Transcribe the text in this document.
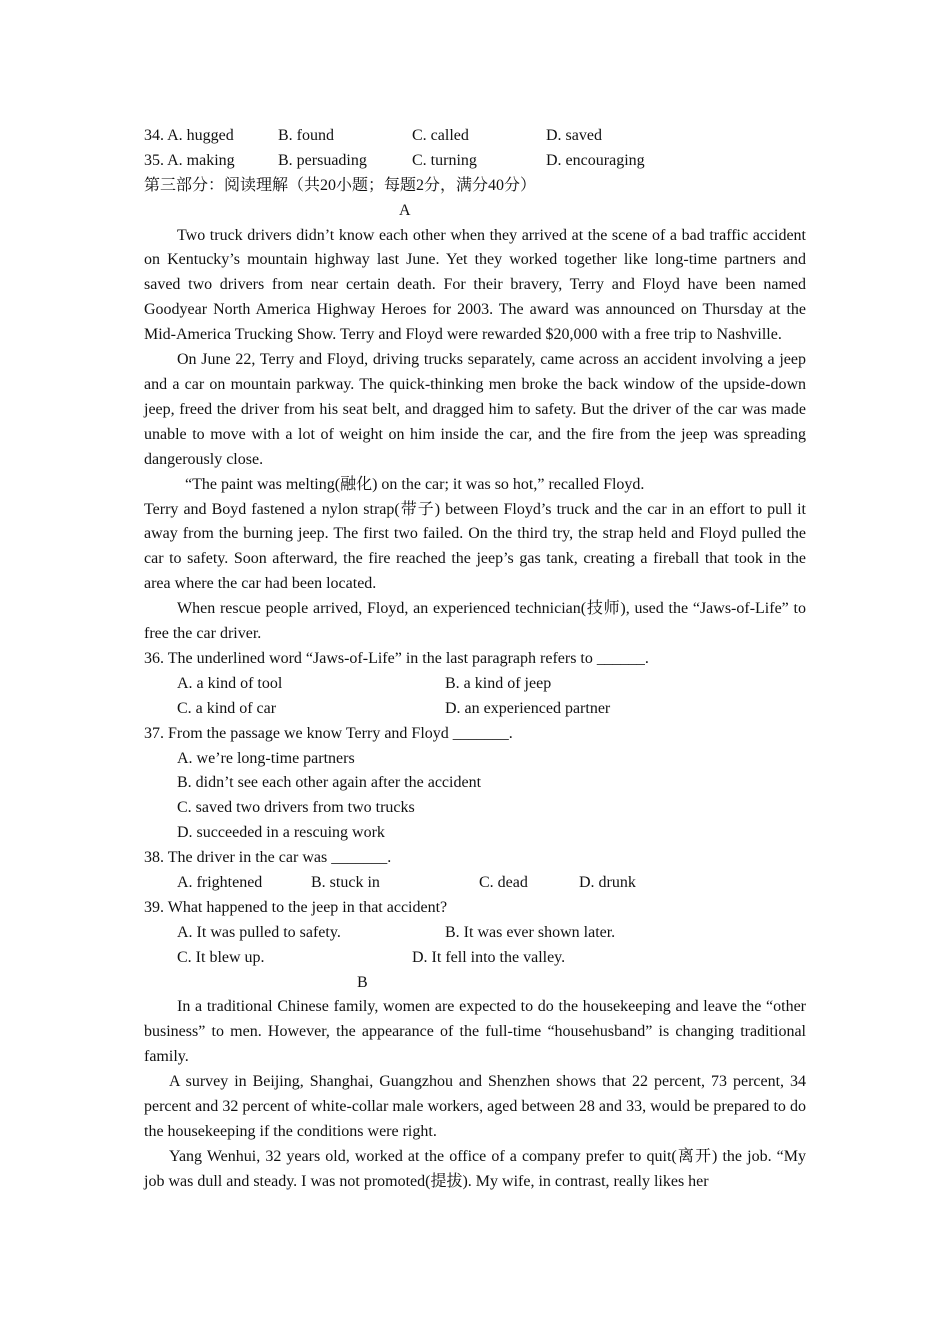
34. A. hugged	B. found	C. called	D. saved
35. A. making	B. persuading	C. turning	D. encouraging
第三部分：阅读理解（共20小题；每题2分，满分40分）
A

Two truck drivers didn’t know each other when they arrived at the scene of a bad traffic accident on Kentucky’s mountain highway last June. Yet they worked together like long-time partners and saved two drivers from near certain death. For their bravery, Terry and Floyd have been named Goodyear North America Highway Heroes for 2003. The award was announced on Thursday at the Mid-America Trucking Show. Terry and Floyd were rewarded $20,000 with a free trip to Nashville.

On June 22, Terry and Floyd, driving trucks separately, came across an accident involving a jeep and a car on mountain parkway. The quick-thinking men broke the back window of the upside-down jeep, freed the driver from his seat belt, and dragged him to safety. But the driver of the car was made unable to move with a lot of weight on him inside the car, and the fire from the jeep was spreading dangerously close.

“The paint was melting(融化) on the car; it was so hot,” recalled Floyd.

Terry and Boyd fastened a nylon strap(带子) between Floyd’s truck and the car in an effort to pull it away from the burning jeep. The first two failed. On the third try, the strap held and Floyd pulled the car to safety. Soon afterward, the fire reached the jeep’s gas tank, creating a fireball that took in the area where the car had been located.

When rescue people arrived, Floyd, an experienced technician(技师), used the “Jaws-of-Life” to free the car driver.

36. The underlined word “Jaws-of-Life” in the last paragraph refers to ______.
A. a kind of tool	B. a kind of jeep
C. a kind of car	D. an experienced partner
37. From the passage we know Terry and Floyd _______.
A. we’re long-time partners
B. didn’t see each other again after the accident
C. saved two drivers from two trucks
D. succeeded in a rescuing work
38. The driver in the car was _______.
A. frightened	B. stuck in	C. dead	D. drunk
39. What happened to the jeep in that accident?
A. It was pulled to safety.	B. It was ever shown later.
C. It blew up.	D. It fell into the valley.
B

In a traditional Chinese family, women are expected to do the housekeeping and leave the “other business” to men. However, the appearance of the full-time “househusband” is changing traditional family.

A survey in Beijing, Shanghai, Guangzhou and Shenzhen shows that 22 percent, 73 percent, 34 percent and 32 percent of white-collar male workers, aged between 28 and 33, would be prepared to do the housekeeping if the conditions were right.

Yang Wenhui, 32 years old, worked at the office of a company prefer to quit(离开) the job. “My job was dull and steady. I was not promoted(提拔). My wife, in contrast, really likes her
